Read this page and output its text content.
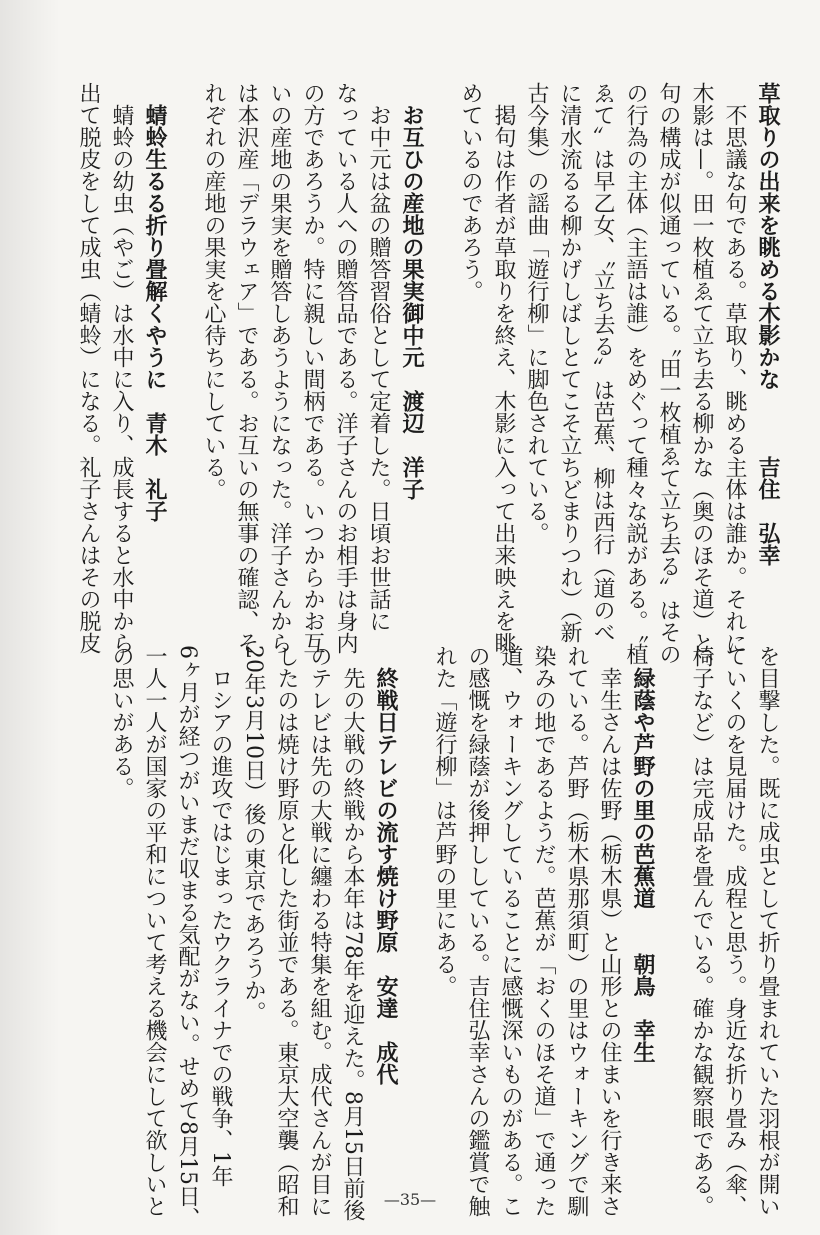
草取りの出来を眺める木影かな　　　吉住　弘幸
　不思議な句である。草取り、眺める主体は誰か。それに
木影は—。田一枚植ゑて立ち去る柳かな（奥のほそ道）と、
句の構成が似通っている。〝田一枚植ゑて立ち去る〟はその
の行為の主体（主語は誰）をめぐって種々な説がある。〝植
ゑて〟は早乙女、〝立ち去る〟は芭蕉、柳は西行（道のべ
に清水流るる柳かげしばしとてこそ立ちどまりつれ）（新
古今集）の謡曲「遊行柳」に脚色されている。
　掲句は作者が草取りを終え、木影に入って出来映えを眺
めているのであろう。
　お互ひの産地の果実御中元　渡辺　洋子
　お中元は盆の贈答習俗として定着した。日頃お世話に
なっている人への贈答品である。洋子さんのお相手は身内
の方であろうか。特に親しい間柄である。いつからかお互
いの産地の果実を贈答しあうようになった。洋子さんから
は本沢産「デラウェア」である。お互いの無事の確認、そ
れぞれの産地の果実を心待ちにしている。
　蜻蛉生るる折り畳解くやうに　青木　礼子
　蜻蛉の幼虫（やご）は水中に入り、成長すると水中から
出て脱皮をして成虫（蜻蛉）になる。礼子さんはその脱皮
を目撃した。既に成虫として折り畳まれていた羽根が開い
ていくのを見届けた。成程と思う。身近な折り畳み（傘、
椅子など）は完成品を畳んでいる。確かな観察眼である。
　緑蔭や芦野の里の芭蕉道　　朝鳥　幸生
　幸生さんは佐野（栃木県）と山形との住まいを行き来さ
れている。芦野（栃木県那須町）の里はウォーキングで馴
染みの地であるようだ。芭蕉が「おくのほそ道」で通った
道、ウォーキングしていることに感慨深いものがある。こ
の感慨を緑蔭が後押ししている。吉住弘幸さんの鑑賞で触
れた「遊行柳」は芦野の里にある。
　終戦日テレビの流す焼け野原　安達　成代
　先の大戦の終戦から本年は78年を迎えた。8月15日前後
のテレビは先の大戦に纏わる特集を組む。成代さんが目に
したのは焼け野原と化した街並である。東京大空襲（昭和
20年3月10日）後の東京であろうか。
　ロシアの進攻ではじまったウクライナでの戦争、1年
6ヶ月が経つがいまだ収まる気配がない。せめて8月15日、
一人一人が国家の平和について考える機会にして欲しいと
の思いがある。
—35—
